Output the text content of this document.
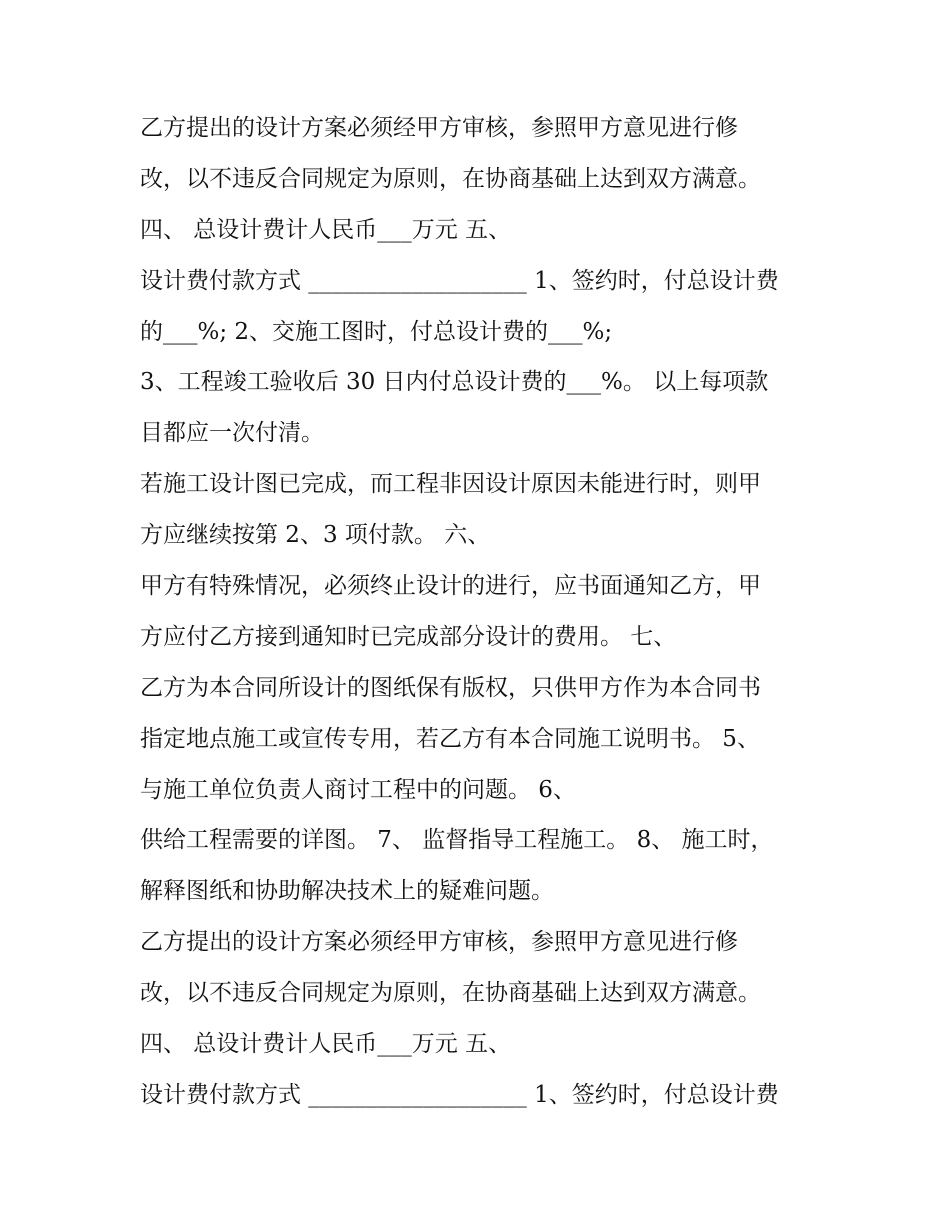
乙方提出的设计方案必须经甲方审核，参照甲方意见进行修
改，以不违反合同规定为原则，在协商基础上达到双方满意。
四、 总设计费计人民币___万元 五、
设计费付款方式 ___________________ 1、签约时，付总设计费
的___%; 2、交施工图时，付总设计费的___%;
3、工程竣工验收后 30 日内付总设计费的___%。 以上每项款
目都应一次付清。
若施工设计图已完成，而工程非因设计原因未能进行时，则甲
方应继续按第 2、3 项付款。 六、
甲方有特殊情况，必须终止设计的进行，应书面通知乙方，甲
方应付乙方接到通知时已完成部分设计的费用。 七、
乙方为本合同所设计的图纸保有版权，只供甲方作为本合同书
指定地点施工或宣传专用，若乙方有本合同施工说明书。 5、
与施工单位负责人商讨工程中的问题。 6、
供给工程需要的详图。 7、 监督指导工程施工。 8、 施工时，
解释图纸和协助解决技术上的疑难问题。
乙方提出的设计方案必须经甲方审核，参照甲方意见进行修
改，以不违反合同规定为原则，在协商基础上达到双方满意。
四、 总设计费计人民币___万元 五、
设计费付款方式 ___________________ 1、签约时，付总设计费
